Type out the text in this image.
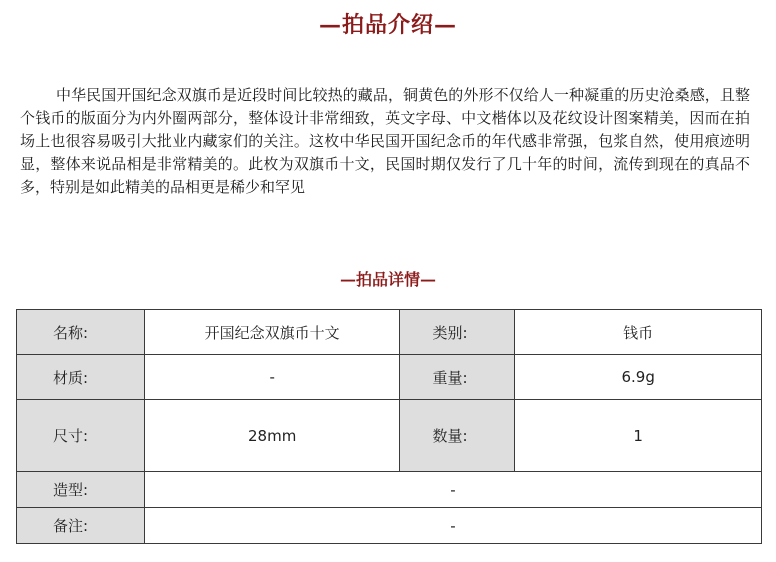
—拍品介绍—

中华民国开国纪念双旗币是近段时间比较热的藏品，铜黄色的外形不仅给人一种凝重的历史沧桑感，且整个钱币的版面分为内外圈两部分，整体设计非常细致，英文字母、中文楷体以及花纹设计图案精美，因而在拍场上也很容易吸引大批业内藏家们的关注。这枚中华民国开国纪念币的年代感非常强，包浆自然，使用痕迹明显，整体来说品相是非常精美的。此枚为双旗币十文，民国时期仅发行了几十年的时间，流传到现在的真品不多，特别是如此精美的品相更是稀少和罕见

—拍品详情—
名称:	开国纪念双旗币十文	类别:	钱币
材质:	-	重量:	6.9g
尺寸:	28mm	数量:	1
造型:	-		
备注:	-		
